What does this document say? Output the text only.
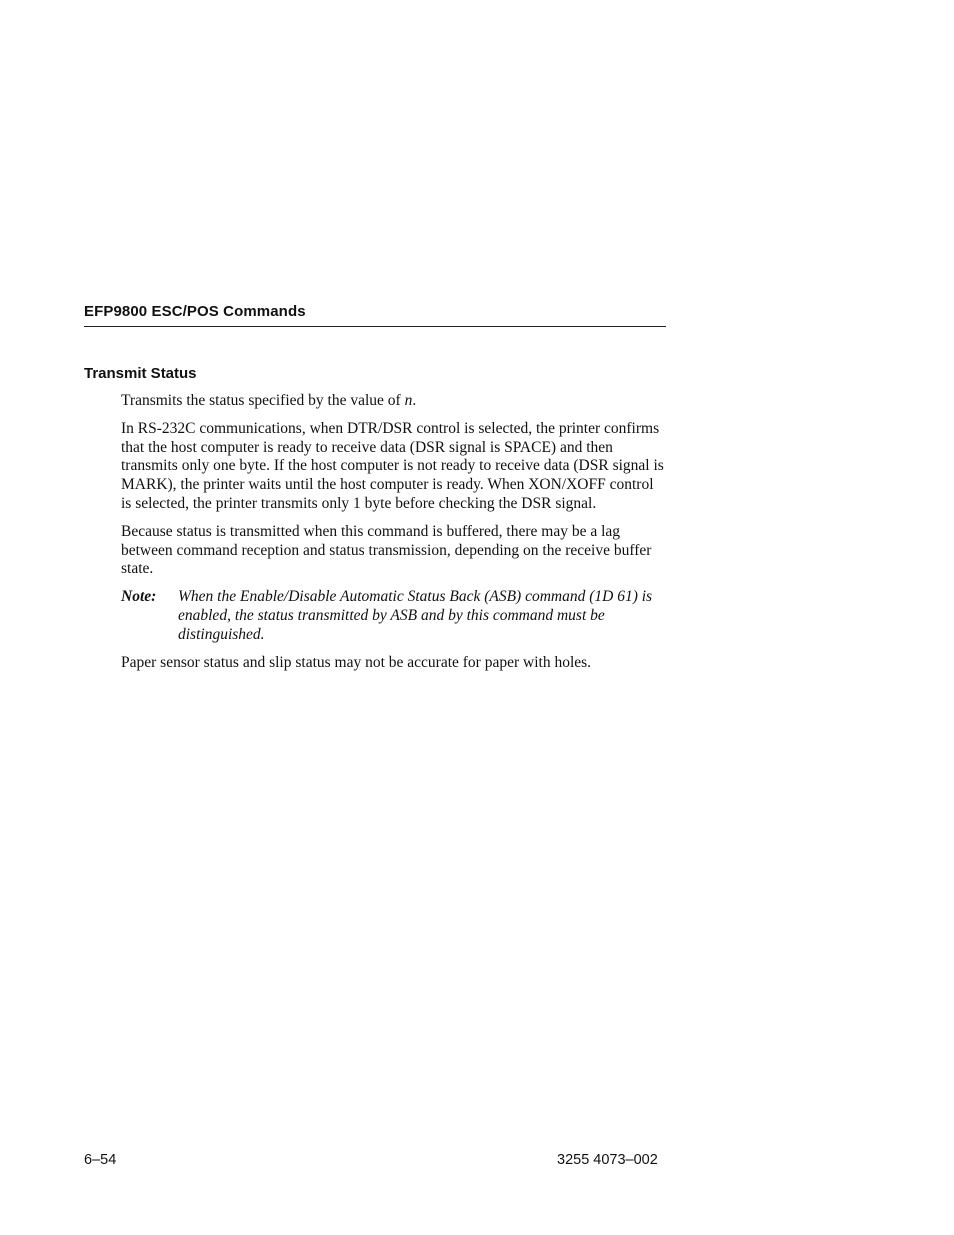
EFP9800 ESC/POS Commands

Transmit Status

Transmits the status specified by the value of n.

In RS-232C communications, when DTR/DSR control is selected, the printer confirms that the host computer is ready to receive data (DSR signal is SPACE) and then transmits only one byte. If the host computer is not ready to receive data (DSR signal is MARK), the printer waits until the host computer is ready. When XON/XOFF control is selected, the printer transmits only 1 byte before checking the DSR signal.

Because status is transmitted when this command is buffered, there may be a lag between command reception and status transmission, depending on the receive buffer state.

Note:	When the Enable/Disable Automatic Status Back (ASB) command (1D 61) is enabled, the status transmitted by ASB and by this command must be distinguished.

Paper sensor status and slip status may not be accurate for paper with holes.

6–54	3255 4073–002
